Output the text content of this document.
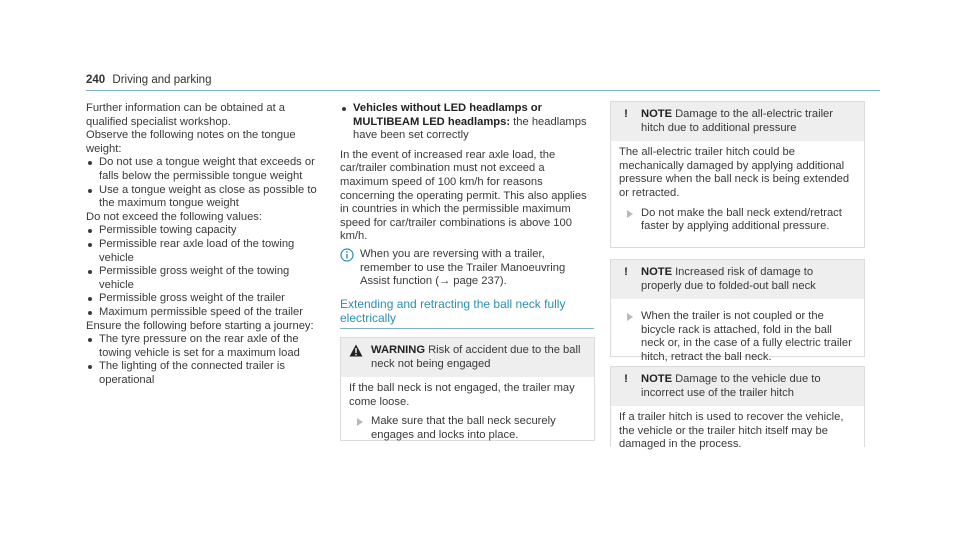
240 Driving and parking

Further information can be obtained at a qualified specialist workshop.

Observe the following notes on the tongue weight:

Do not use a tongue weight that exceeds or falls below the permissible tongue weight
Use a tongue weight as close as possible to the maximum tongue weight

Do not exceed the following values:

Permissible towing capacity
Permissible rear axle load of the towing vehicle
Permissible gross weight of the towing vehicle
Permissible gross weight of the trailer
Maximum permissible speed of the trailer

Ensure the following before starting a journey:

The tyre pressure on the rear axle of the towing vehicle is set for a maximum load
The lighting of the connected trailer is operational
Vehicles without LED headlamps or MULTIBEAM LED headlamps: the headlamps have been set correctly

In the event of increased rear axle load, the car/trailer combination must not exceed a maximum speed of 100 km/h for reasons concerning the operating permit. This also applies in countries in which the permissible maximum speed for car/trailer combinations is above 100 km/h.

When you are reversing with a trailer, remember to use the Trailer Manoeuvring Assist function (→ page 237).

Extending and retracting the ball neck fully electrically
WARNING Risk of accident due to the ball neck not being engaged

If the ball neck is not engaged, the trailer may come loose.

Make sure that the ball neck securely engages and locks into place.

!	NOTE Damage to the all-electric trailer hitch due to additional pressure

The all-electric trailer hitch could be mechanically damaged by applying additional pressure when the ball neck is being extended or retracted.

Do not make the ball neck extend/retract faster by applying additional pressure.

!	NOTE Increased risk of damage to properly due to folded-out ball neck

When the trailer is not coupled or the bicycle rack is attached, fold in the ball neck or, in the case of a fully electric trailer hitch, retract the ball neck.

!	NOTE Damage to the vehicle due to incorrect use of the trailer hitch

If a trailer hitch is used to recover the vehicle, the vehicle or the trailer hitch itself may be damaged in the process.
